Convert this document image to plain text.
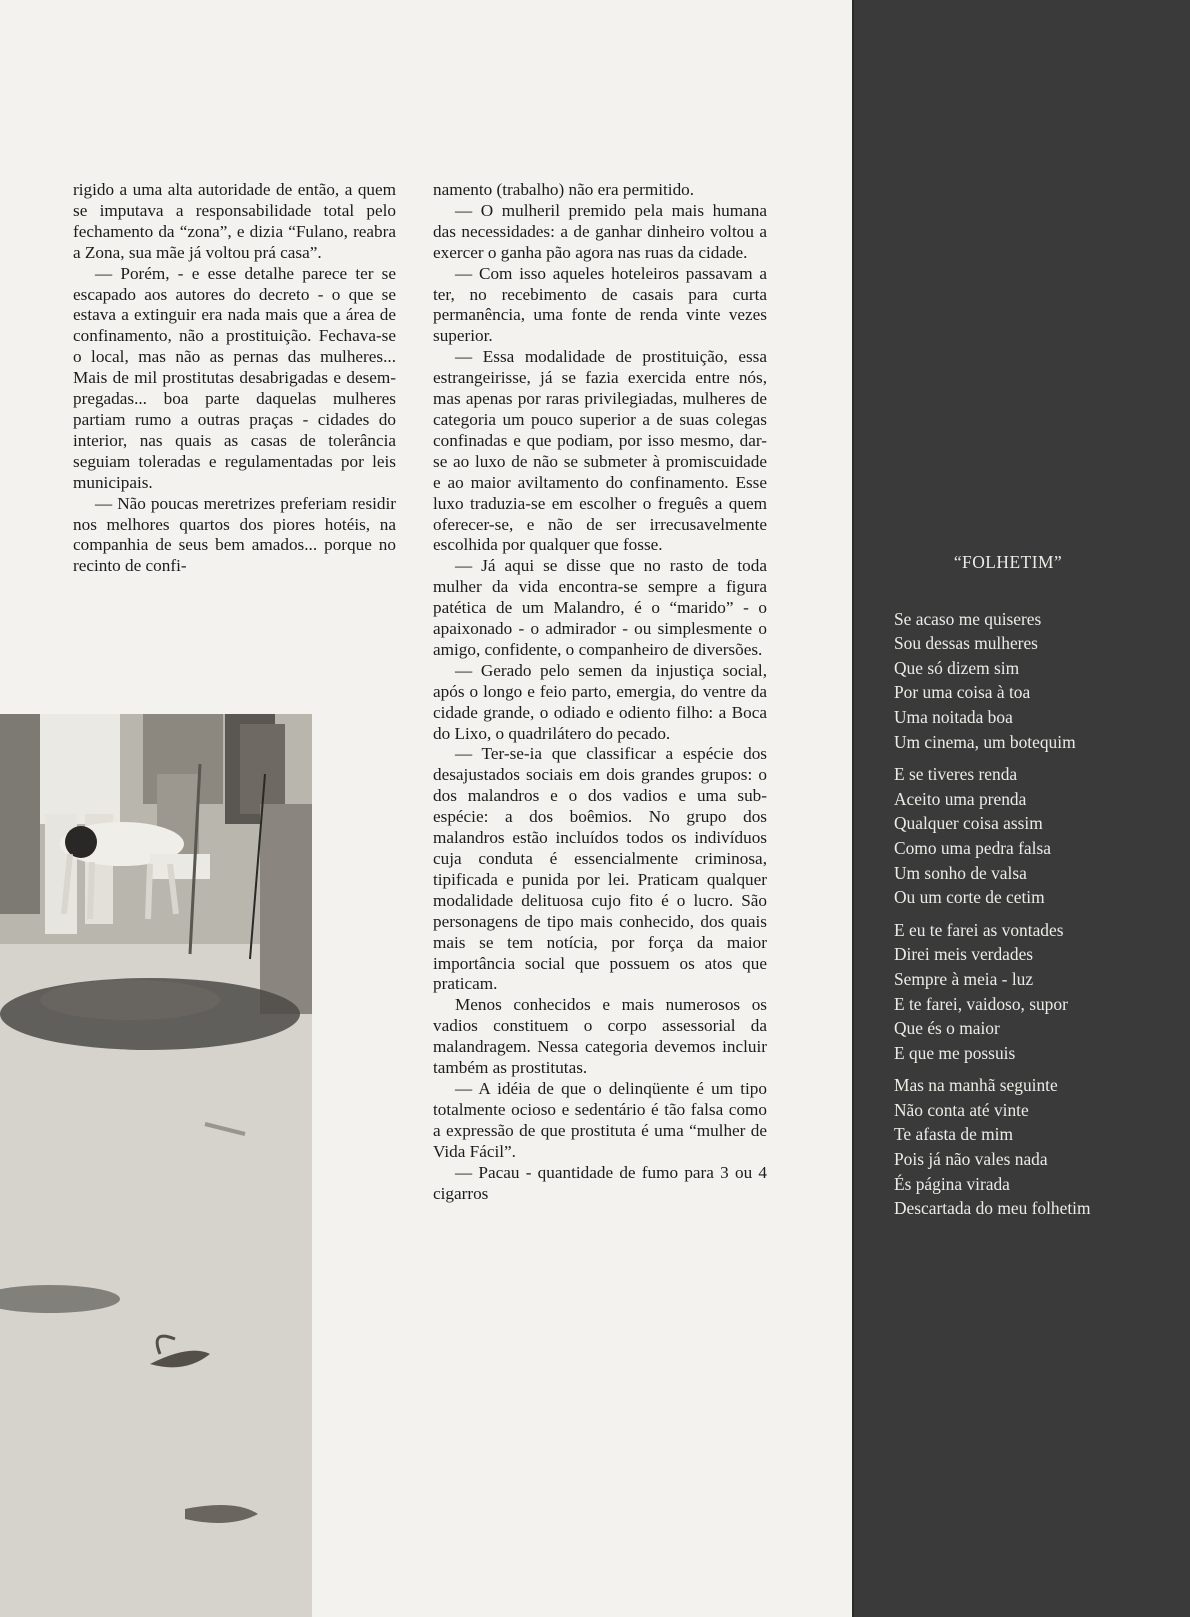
rigido a uma alta autoridade de então, a quem se imputava a responsabilidade total pelo fechamento da “zona”, e dizia “Fulano, reabra a Zona, sua mãe já voltou prá casa”.

— Porém, - e esse detalhe parece ter se escapado aos autores do decreto - o que se estava a extinguir era nada mais que a área de confinamento, não a prostituição. Fechava-se o local, mas não as pernas das mulheres... Mais de mil prostitutas desabrigadas e desempregadas... boa parte daquelas mulheres partiam rumo a outras praças - cidades do interior, nas quais as casas de tolerância seguiam toleradas e regulamentadas por leis municipais.

— Não poucas meretrizes preferiam residir nos melhores quartos dos piores hotéis, na companhia de seus bem amados... porque no recinto de confi-

namento (trabalho) não era permitido.

— O mulheril premido pela mais humana das necessidades: a de ganhar dinheiro voltou a exercer o ganha pão agora nas ruas da cidade.

— Com isso aqueles hoteleiros passavam a ter, no recebimento de casais para curta permanência, uma fonte de renda vinte vezes superior.

— Essa modalidade de prostituição, essa estrangeirisse, já se fazia exercida entre nós, mas apenas por raras privilegiadas, mulheres de categoria um pouco superior a de suas colegas confinadas e que podiam, por isso mesmo, dar-se ao luxo de não se submeter à promiscuidade e ao maior aviltamento do confinamento. Esse luxo traduzia-se em escolher o freguês a quem oferecer-se, e não de ser irrecusavelmente escolhida por qualquer que fosse.

— Já aqui se disse que no rasto de toda mulher da vida encontra-se sempre a figura patética de um Malandro, é o “marido” - o apaixonado - o admirador - ou simplesmente o amigo, confidente, o companheiro de diversões.

— Gerado pelo semen da injustiça social, após o longo e feio parto, emergia, do ventre da cidade grande, o odiado e odiento filho: a Boca do Lixo, o quadrilátero do pecado.

— Ter-se-ia que classificar a espécie dos desajustados sociais em dois grandes grupos: o dos malandros e o dos vadios e uma sub-espécie: a dos boêmios. No grupo dos malandros estão incluídos todos os indivíduos cuja conduta é essencialmente criminosa, tipificada e punida por lei. Praticam qualquer modalidade delituosa cujo fito é o lucro. São personagens de tipo mais conhecido, dos quais mais se tem notícia, por força da maior importância social que possuem os atos que praticam.

Menos conhecidos e mais numerosos os vadios constituem o corpo assessorial da malandragem. Nessa categoria devemos incluir também as prostitutas.

— A idéia de que o delinqüente é um tipo totalmente ocioso e sedentário é tão falsa como a expressão de que prostituta é uma “mulher de Vida Fácil”.

— Pacau - quantidade de fumo para 3 ou 4 cigarros

“FOLHETIM”
Se acaso me quiseres
Sou dessas mulheres
Que só dizem sim
Por uma coisa à toa
Uma noitada boa
Um cinema, um botequim
E se tiveres renda
Aceito uma prenda
Qualquer coisa assim
Como uma pedra falsa
Um sonho de valsa
Ou um corte de cetim
E eu te farei as vontades
Direi meis verdades
Sempre à meia - luz
E te farei, vaidoso, supor
Que és o maior
E que me possuis
Mas na manhã seguinte
Não conta até vinte
Te afasta de mim
Pois já não vales nada
És página virada
Descartada do meu folhetim
